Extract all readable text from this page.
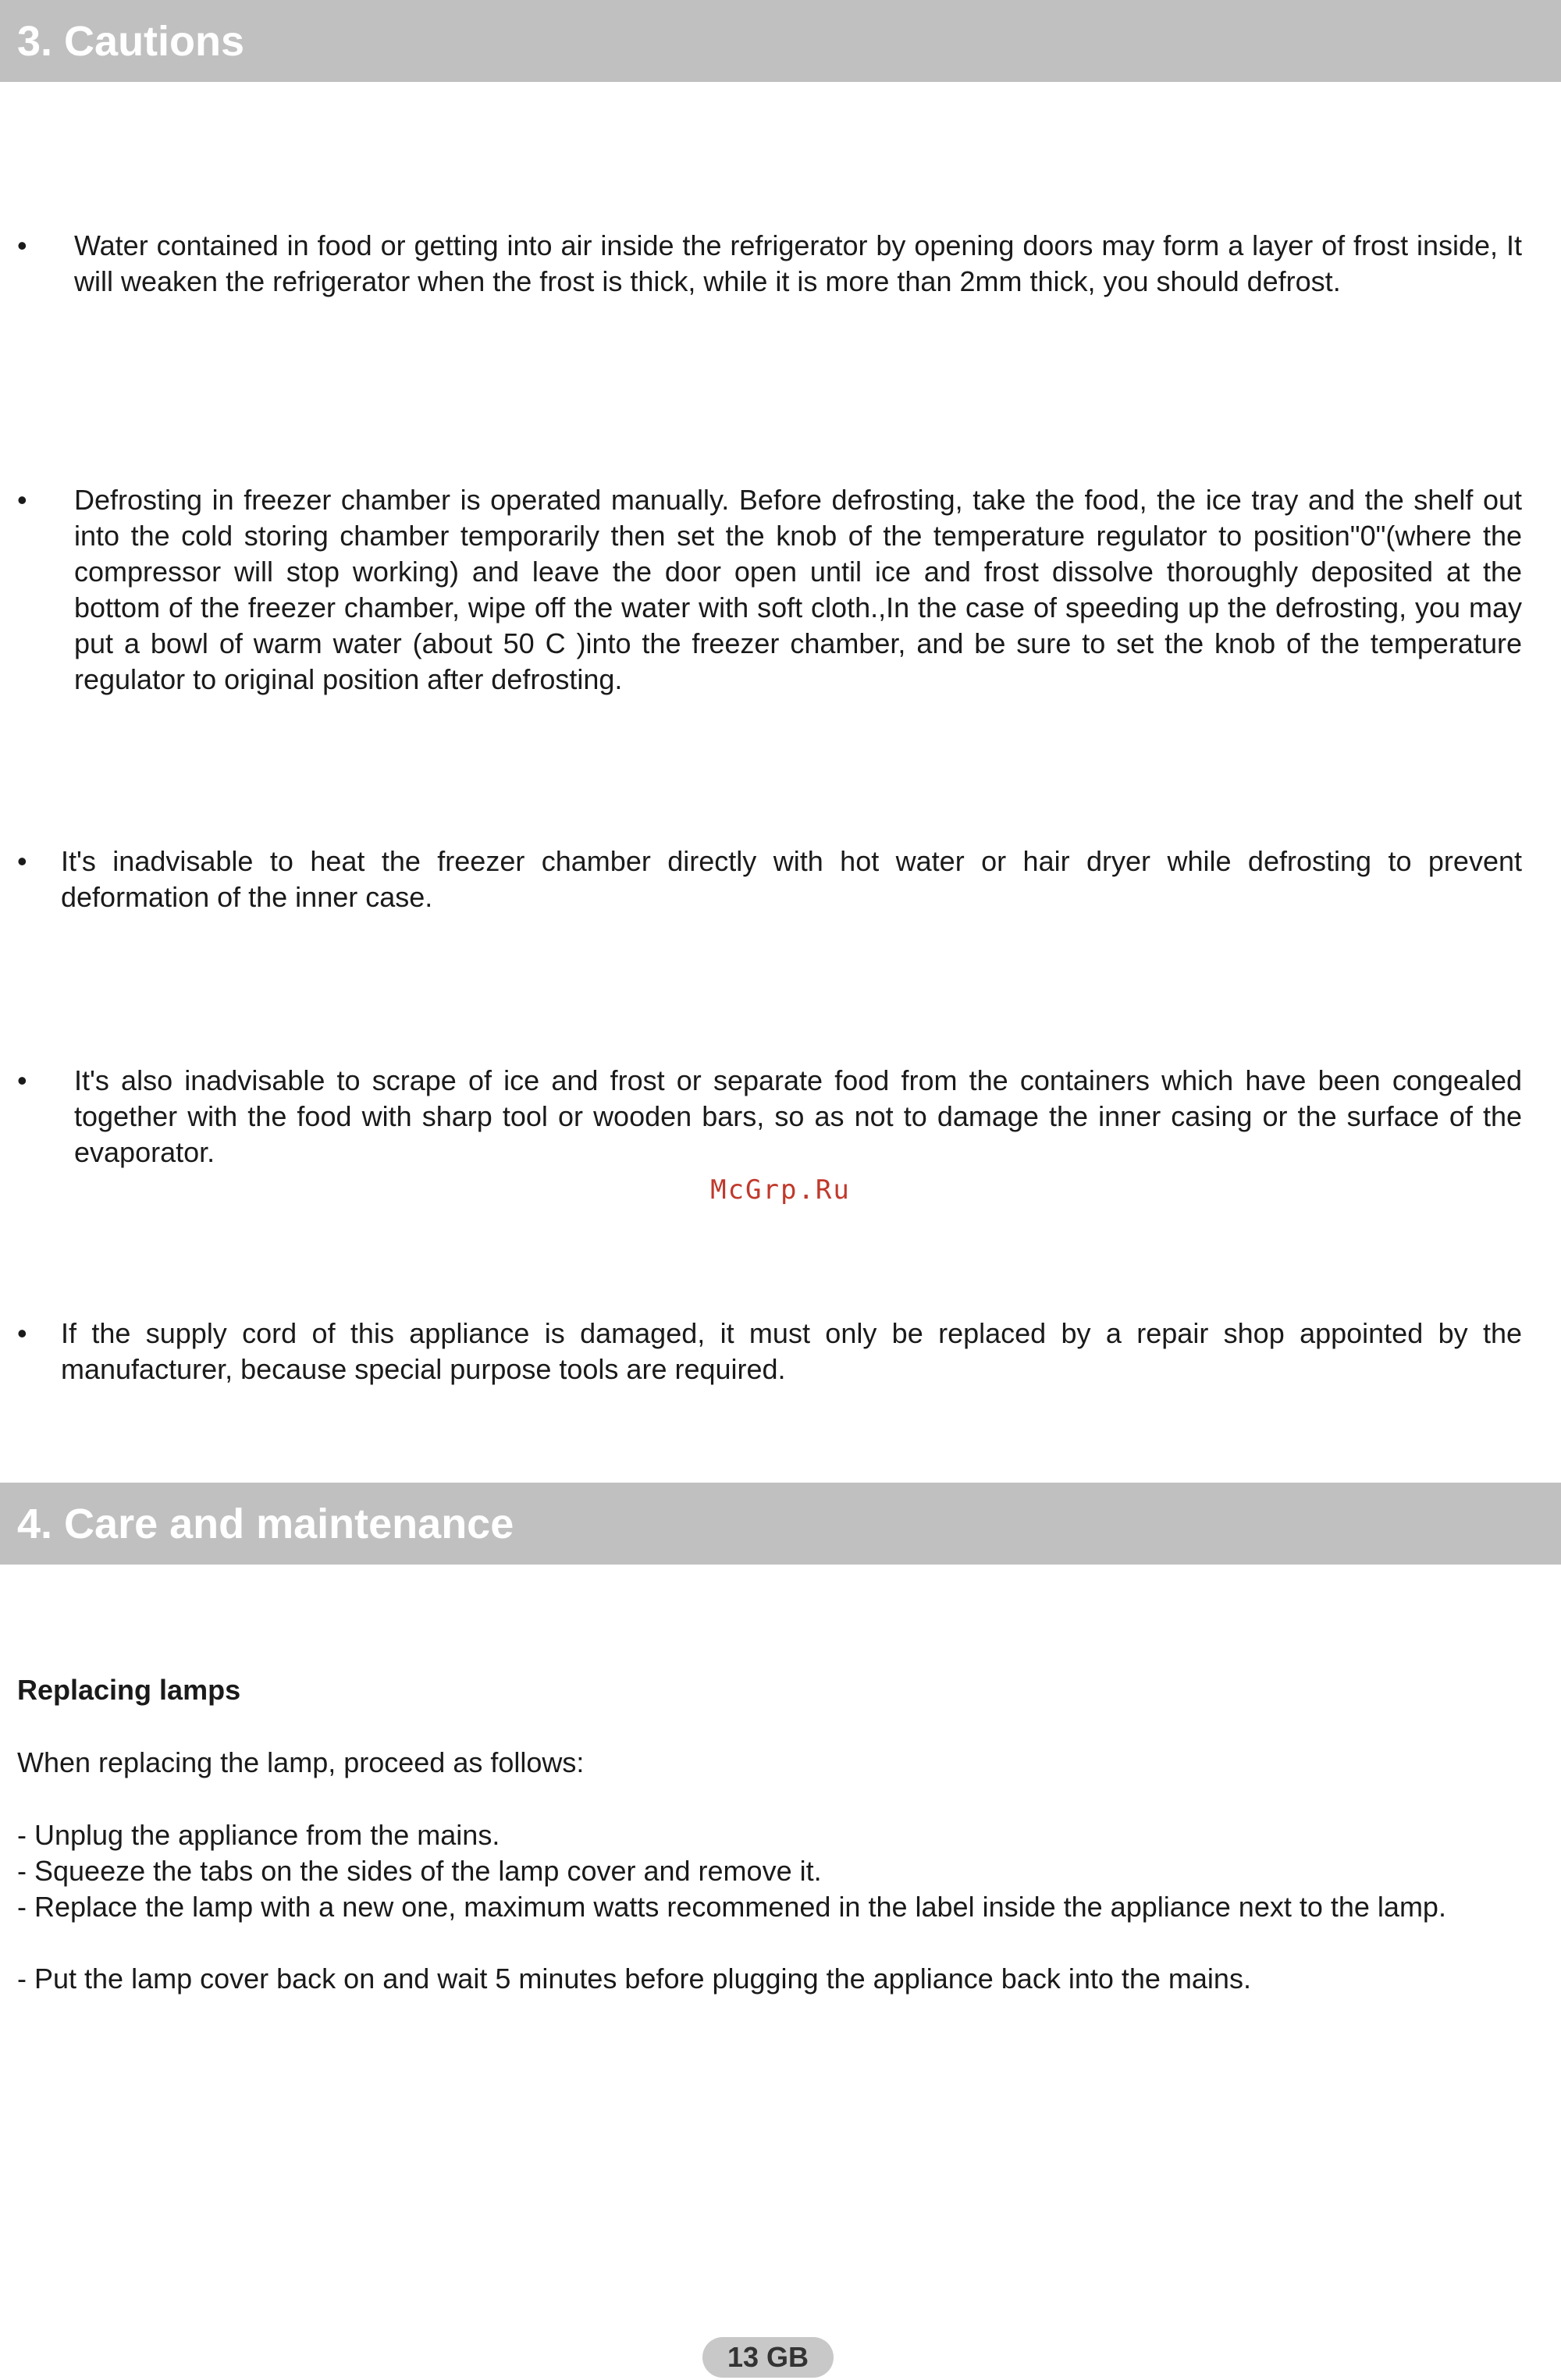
3. Cautions
• Water contained in food or getting into air inside the refrigerator by opening doors may form a layer of frost inside, It will weaken the refrigerator when the frost is thick, while it is more than 2mm thick, you should defrost.
• Defrosting in freezer chamber is operated manually. Before defrosting, take the food, the ice tray and the shelf out into the cold storing chamber temporarily then set the knob of the temperature regulator to position"0"(where the compressor will stop working) and leave the door open until ice and frost dissolve thoroughly deposited at the bottom of the freezer chamber, wipe off the water with soft cloth.,In the case of speeding up the defrosting, you may put a bowl of warm water (about 50 C )into the freezer chamber, and be sure to set the knob of the temperature regulator to original position after defrosting.
• It's inadvisable to heat the freezer chamber directly with hot water or hair dryer while defrosting to prevent deformation of the inner case.
• It's also inadvisable to scrape of ice and frost or separate food from the containers which have been congealed together with the food with sharp tool or wooden bars, so as not to damage the inner casing or the surface of the evaporator.
McGrp.Ru
• If the supply cord of this appliance is damaged, it must only be replaced by a repair shop appointed by the manufacturer, because special purpose tools are required.
4. Care and maintenance
Replacing lamps
When replacing the lamp, proceed as follows:
- Unplug the appliance from the mains.
- Squeeze the tabs on the sides of the lamp cover and remove it.
- Replace the lamp with a new one, maximum watts recommened in the label inside the appliance next to the lamp.
- Put the lamp cover back on and wait 5 minutes before plugging the appliance back into the mains.
13 GB
